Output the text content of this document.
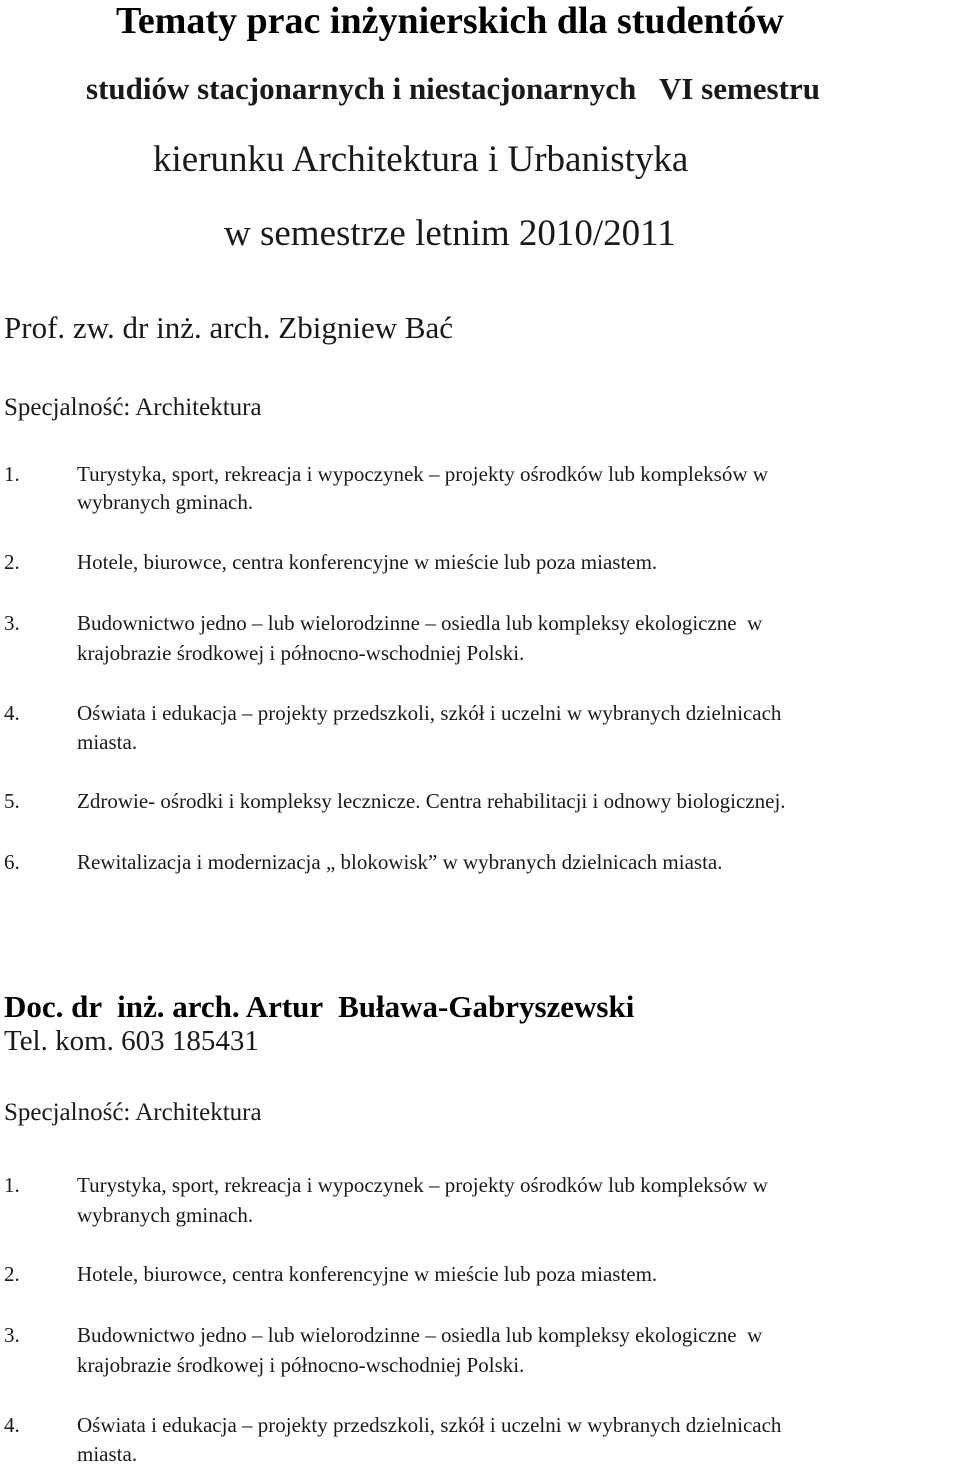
Tematy prac inżynierskich dla studentów

studiów stacjonarnych i niestacjonarnych   VI semestru

kierunku Architektura i Urbanistyka

w semestrze letnim 2010/2011

Prof. zw. dr inż. arch. Zbigniew Bać

Specjalność: Architektura

1.	Turystyka, sport, rekreacja i wypoczynek – projekty ośrodków lub kompleksów w

wybranych gminach.

2.	Hotele, biurowce, centra konferencyjne w mieście lub poza miastem.

3.	Budownictwo jedno – lub wielorodzinne – osiedla lub kompleksy ekologiczne  w

krajobrazie środkowej i północno-wschodniej Polski.

4.	Oświata i edukacja – projekty przedszkoli, szkół i uczelni w wybranych dzielnicach

miasta.

5.	Zdrowie- ośrodki i kompleksy lecznicze. Centra rehabilitacji i odnowy biologicznej.

6.	Rewitalizacja i modernizacja „ blokowisk” w wybranych dzielnicach miasta.

Doc. dr  inż. arch. Artur  Buława-Gabryszewski

Tel. kom. 603 185431

Specjalność: Architektura

1.	Turystyka, sport, rekreacja i wypoczynek – projekty ośrodków lub kompleksów w

wybranych gminach.

2.	Hotele, biurowce, centra konferencyjne w mieście lub poza miastem.

3.	Budownictwo jedno – lub wielorodzinne – osiedla lub kompleksy ekologiczne  w

krajobrazie środkowej i północno-wschodniej Polski.

4.	Oświata i edukacja – projekty przedszkoli, szkół i uczelni w wybranych dzielnicach

miasta.
